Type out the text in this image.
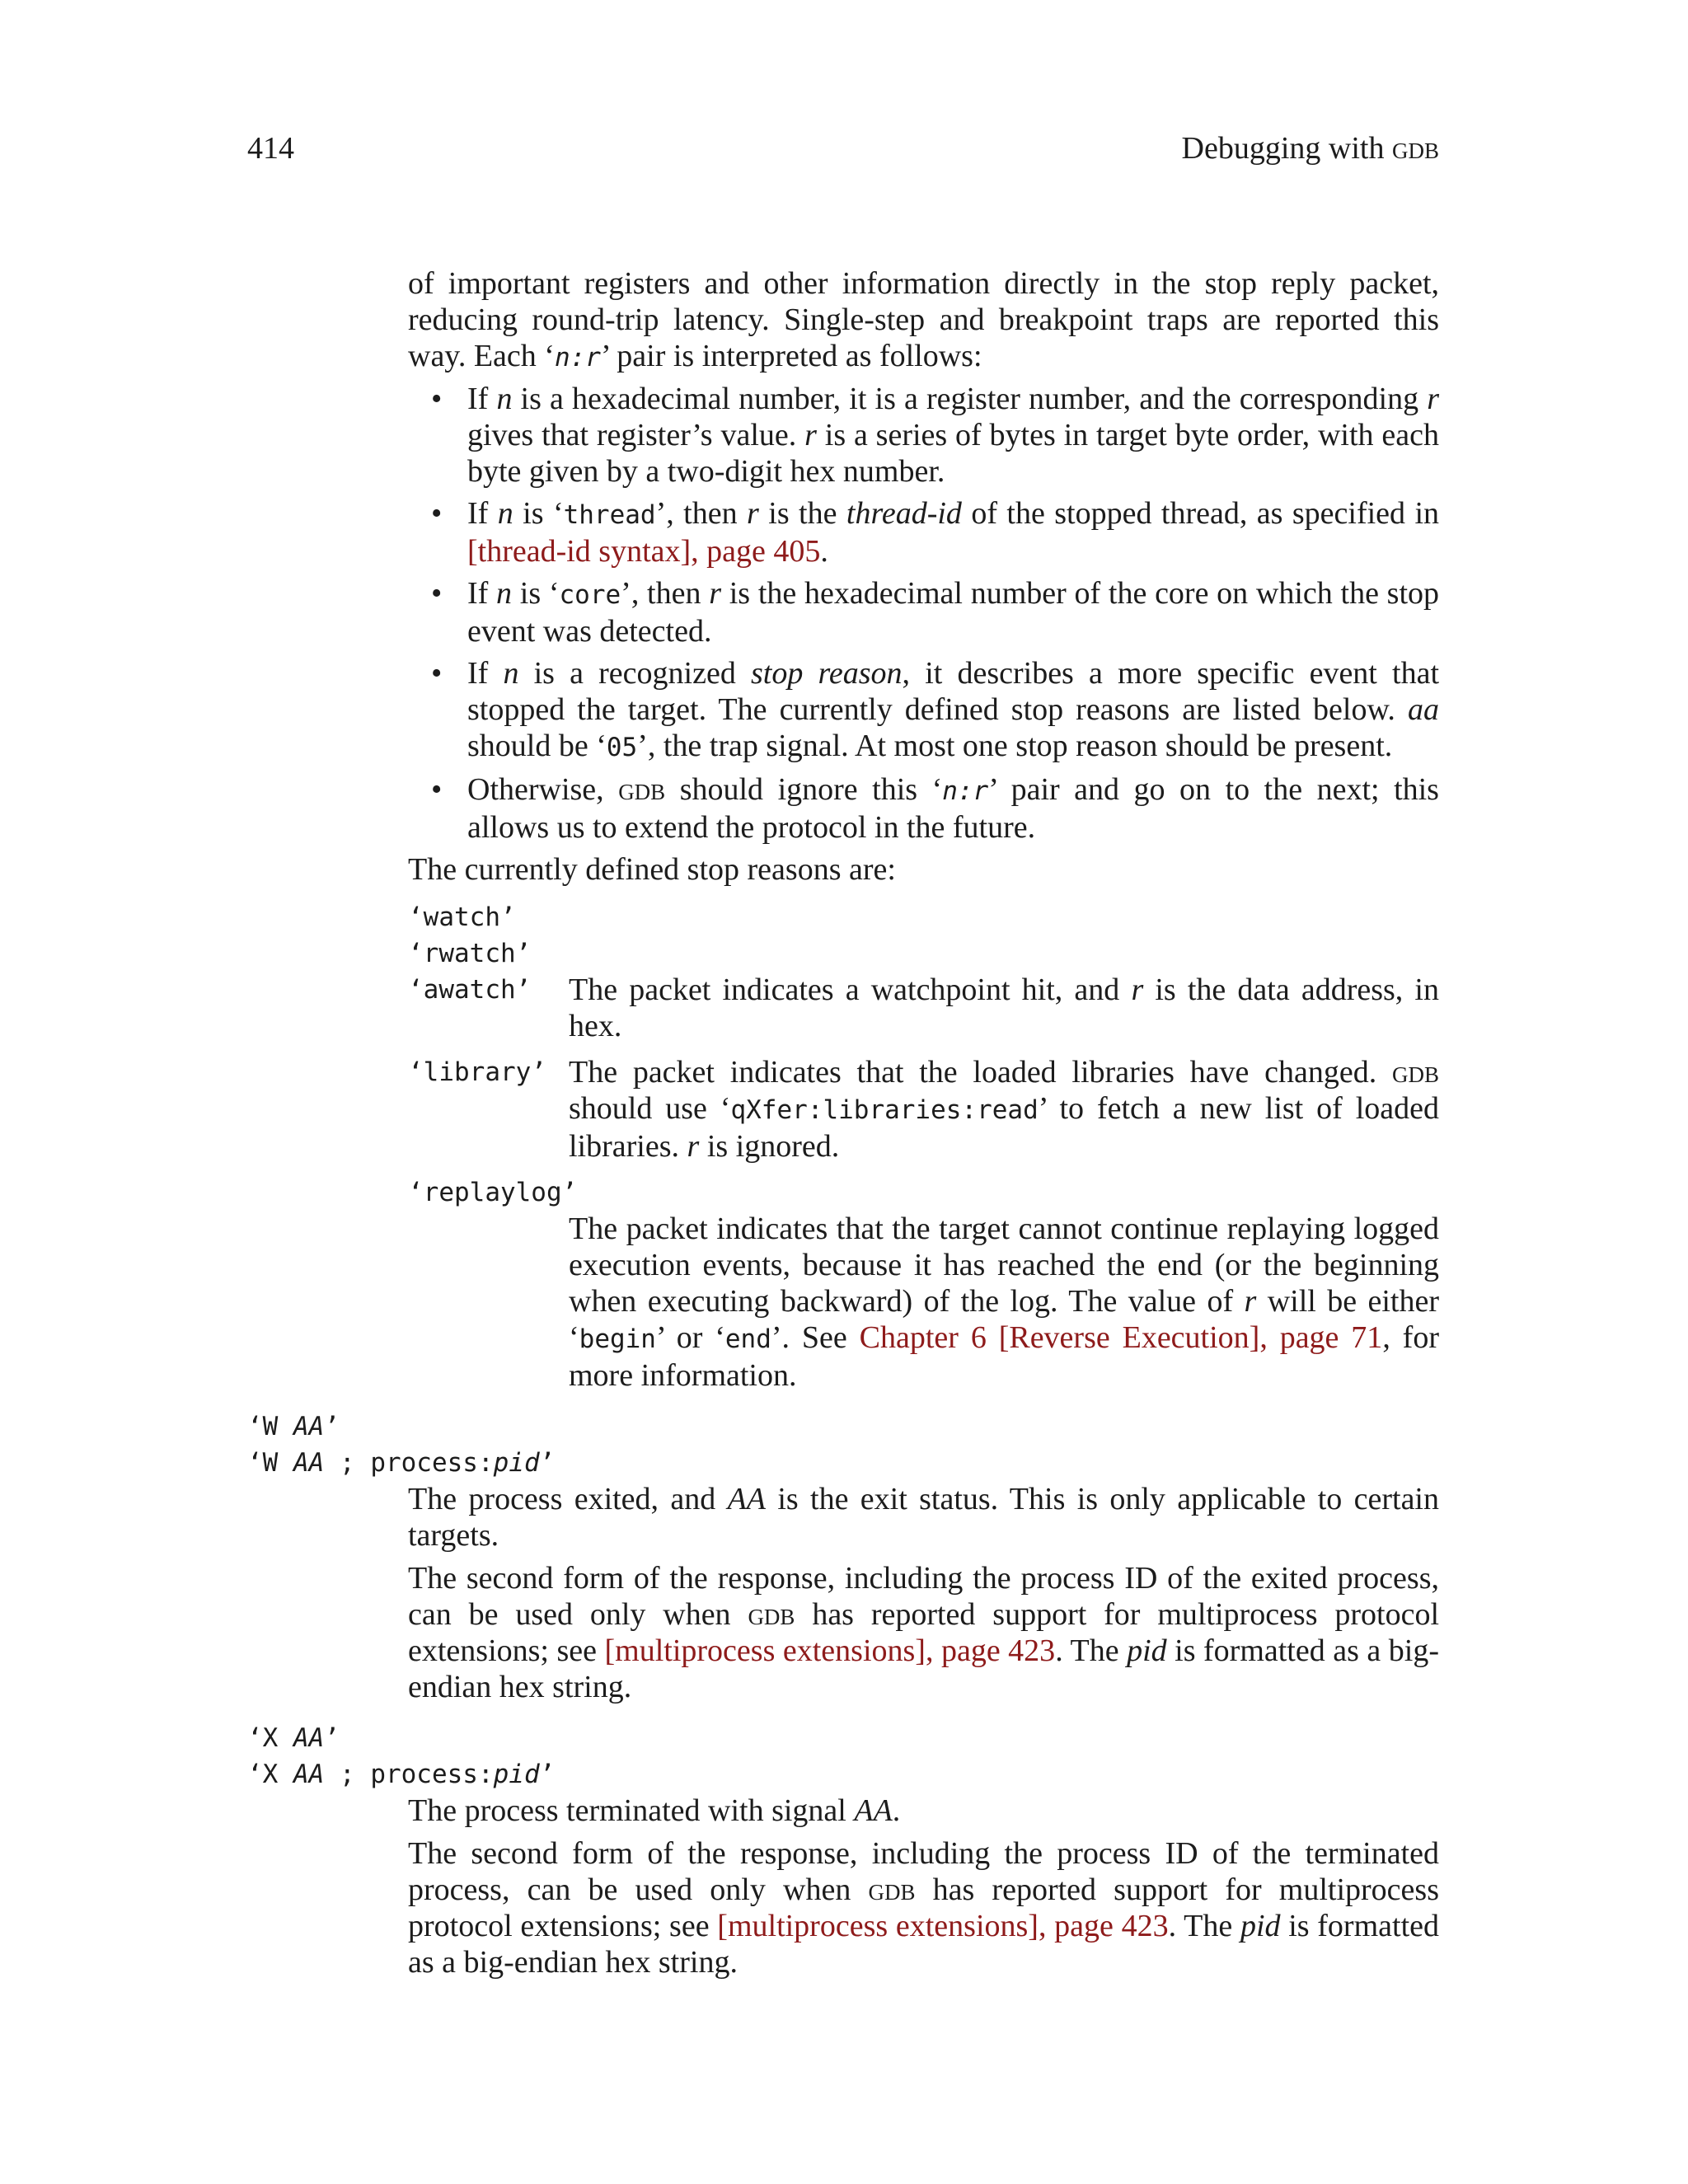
414	Debugging with gdb

of important registers and other information directly in the stop reply packet, reducing round-trip latency. Single-step and breakpoint traps are reported this way. Each ‘n:r’ pair is interpreted as follows:

• If n is a hexadecimal number, it is a register number, and the corresponding r gives that register’s value. r is a series of bytes in target byte order, with each byte given by a two-digit hex number.
• If n is ‘thread’, then r is the thread-id of the stopped thread, as specified in [thread-id syntax], page 405.
• If n is ‘core’, then r is the hexadecimal number of the core on which the stop event was detected.
• If n is a recognized stop reason, it describes a more specific event that stopped the target. The currently defined stop reasons are listed below. aa should be ‘05’, the trap signal. At most one stop reason should be present.
• Otherwise, gdb should ignore this ‘n:r’ pair and go on to the next; this allows us to extend the protocol in the future.

The currently defined stop reasons are:

‘watch’
‘rwatch’
‘awatch’	The packet indicates a watchpoint hit, and r is the data address, in hex.

‘library’ The packet indicates that the loaded libraries have changed. gdb should use ‘qXfer:libraries:read’ to fetch a new list of loaded libraries. r is ignored.

‘replaylog’

The packet indicates that the target cannot continue replaying logged execution events, because it has reached the end (or the beginning when executing backward) of the log. The value of r will be either ‘begin’ or ‘end’. See Chapter 6 [Reverse Execution], page 71, for more information.

‘W AA’
‘W AA ; process:pid’

The process exited, and AA is the exit status. This is only applicable to certain targets.

The second form of the response, including the process ID of the exited process, can be used only when gdb has reported support for multiprocess protocol extensions; see [multiprocess extensions], page 423. The pid is formatted as a big-endian hex string.

‘X AA’
‘X AA ; process:pid’

The process terminated with signal AA.

The second form of the response, including the process ID of the terminated process, can be used only when gdb has reported support for multiprocess protocol extensions; see [multiprocess extensions], page 423. The pid is formatted as a big-endian hex string.
